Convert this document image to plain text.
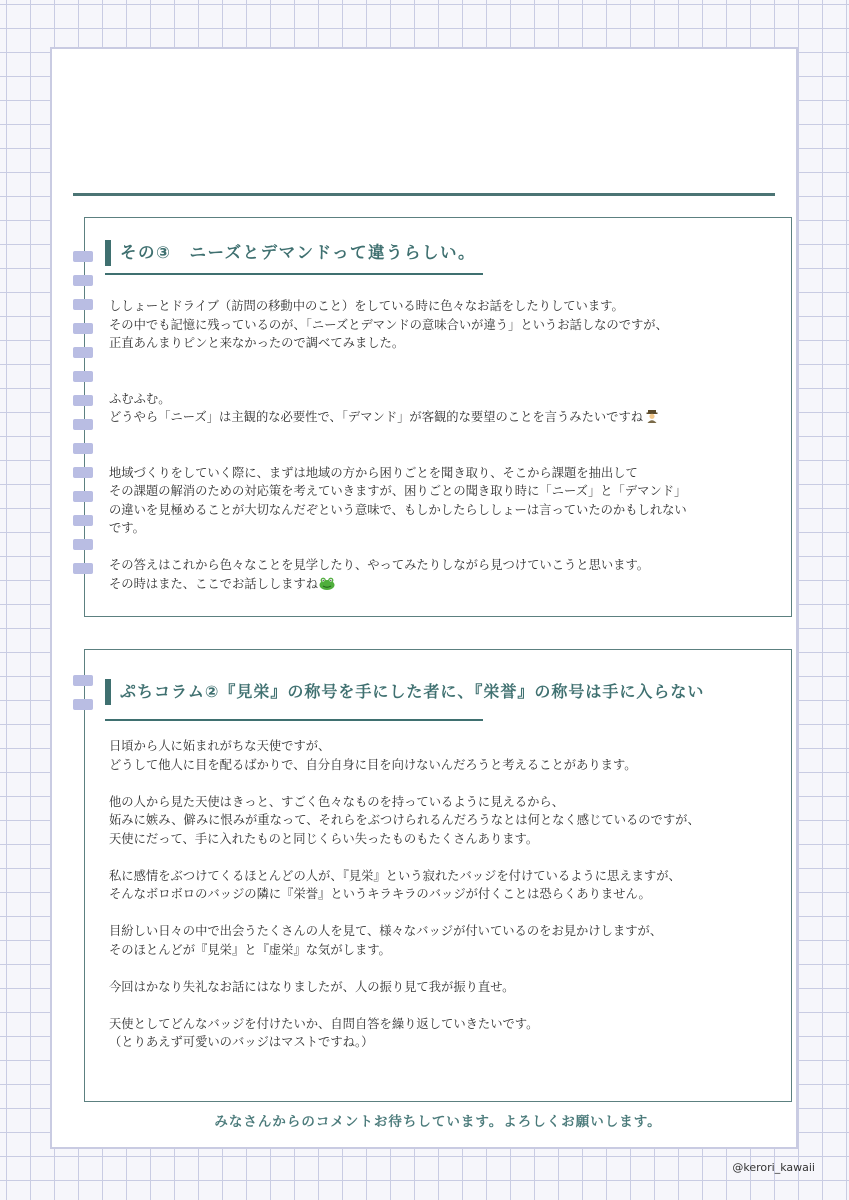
その③　ニーズとデマンドって違うらしい。

ししょーとドライブ（訪問の移動中のこと）をしている時に色々なお話をしたりしています。

その中でも記憶に残っているのが、「ニーズとデマンドの意味合いが違う」というお話しなのですが、

正直あんまりピンと来なかったので調べてみました。

ふむふむ。

どうやら「ニーズ」は主観的な必要性で、「デマンド」が客観的な要望のことを言うみたいですね

地域づくりをしていく際に、まずは地域の方から困りごとを聞き取り、そこから課題を抽出して

その課題の解消のための対応策を考えていきますが、困りごとの聞き取り時に「ニーズ」と「デマンド」

の違いを見極めることが大切なんだぞという意味で、もしかしたらししょーは言っていたのかもしれない

です。

その答えはこれから色々なことを見学したり、やってみたりしながら見つけていこうと思います。

その時はまた、ここでお話ししますね

ぷちコラム②『見栄』の称号を手にした者に、『栄誉』の称号は手に入らない

日頃から人に妬まれがちな天使ですが、

どうして他人に目を配るばかりで、自分自身に目を向けないんだろうと考えることがあります。

他の人から見た天使はきっと、すごく色々なものを持っているように見えるから、

妬みに嫉み、僻みに恨みが重なって、それらをぶつけられるんだろうなとは何となく感じているのですが、

天使にだって、手に入れたものと同じくらい失ったものもたくさんあります。

私に感情をぶつけてくるほとんどの人が、『見栄』という寂れたバッジを付けているように思えますが、

そんなボロボロのバッジの隣に『栄誉』というキラキラのバッジが付くことは恐らくありません。

目紛しい日々の中で出会うたくさんの人を見て、様々なバッジが付いているのをお見かけしますが、

そのほとんどが『見栄』と『虚栄』な気がします。

今回はかなり失礼なお話にはなりましたが、人の振り見て我が振り直せ。

天使としてどんなバッジを付けたいか、自問自答を繰り返していきたいです。

（とりあえず可愛いのバッジはマストですね。）

みなさんからのコメントお待ちしています。よろしくお願いします。
@kerori_kawaii
